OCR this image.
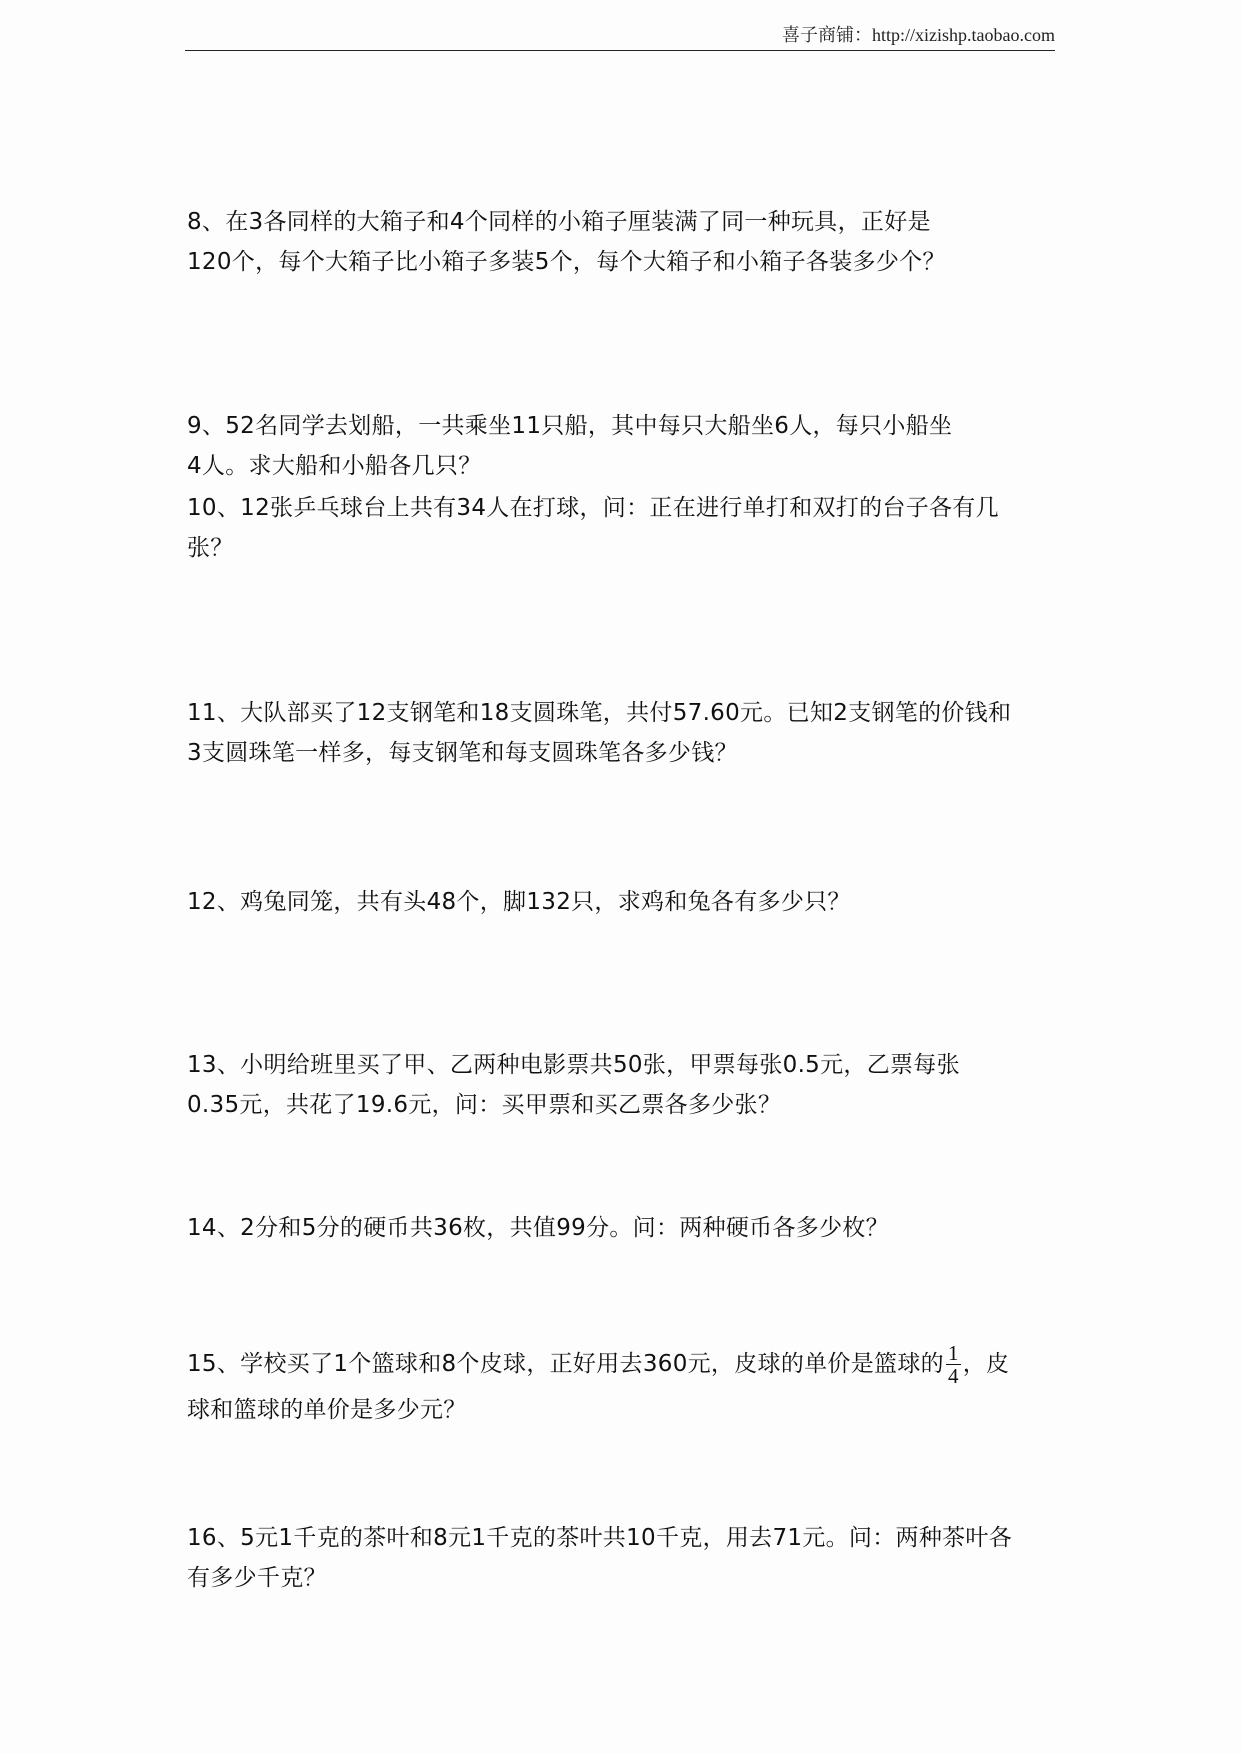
喜子商铺：http://xizishp.taobao.com
8、在3各同样的大箱子和4个同样的小箱子厘装满了同一种玩具，正好是
120个，每个大箱子比小箱子多装5个，每个大箱子和小箱子各装多少个？
9、52名同学去划船，一共乘坐11只船，其中每只大船坐6人，每只小船坐
4人。求大船和小船各几只？
10、12张乒乓球台上共有34人在打球，问：正在进行单打和双打的台子各有几
张？
11、大队部买了12支钢笔和18支圆珠笔，共付57.60元。已知2支钢笔的价钱和
3支圆珠笔一样多，每支钢笔和每支圆珠笔各多少钱？
12、鸡兔同笼，共有头48个，脚132只，求鸡和兔各有多少只？
13、小明给班里买了甲、乙两种电影票共50张，甲票每张0.5元，乙票每张
0.35元，共花了19.6元，问：买甲票和买乙票各多少张？
14、2分和5分的硬币共36枚，共值99分。问：两种硬币各多少枚？
15、学校买了1个篮球和8个皮球，正好用去360元，皮球的单价是篮球的 $\frac{1}{4}$ ，皮
球和篮球的单价是多少元？
16、5元1千克的茶叶和8元1千克的茶叶共10千克，用去71元。问：两种茶叶各
有多少千克？
